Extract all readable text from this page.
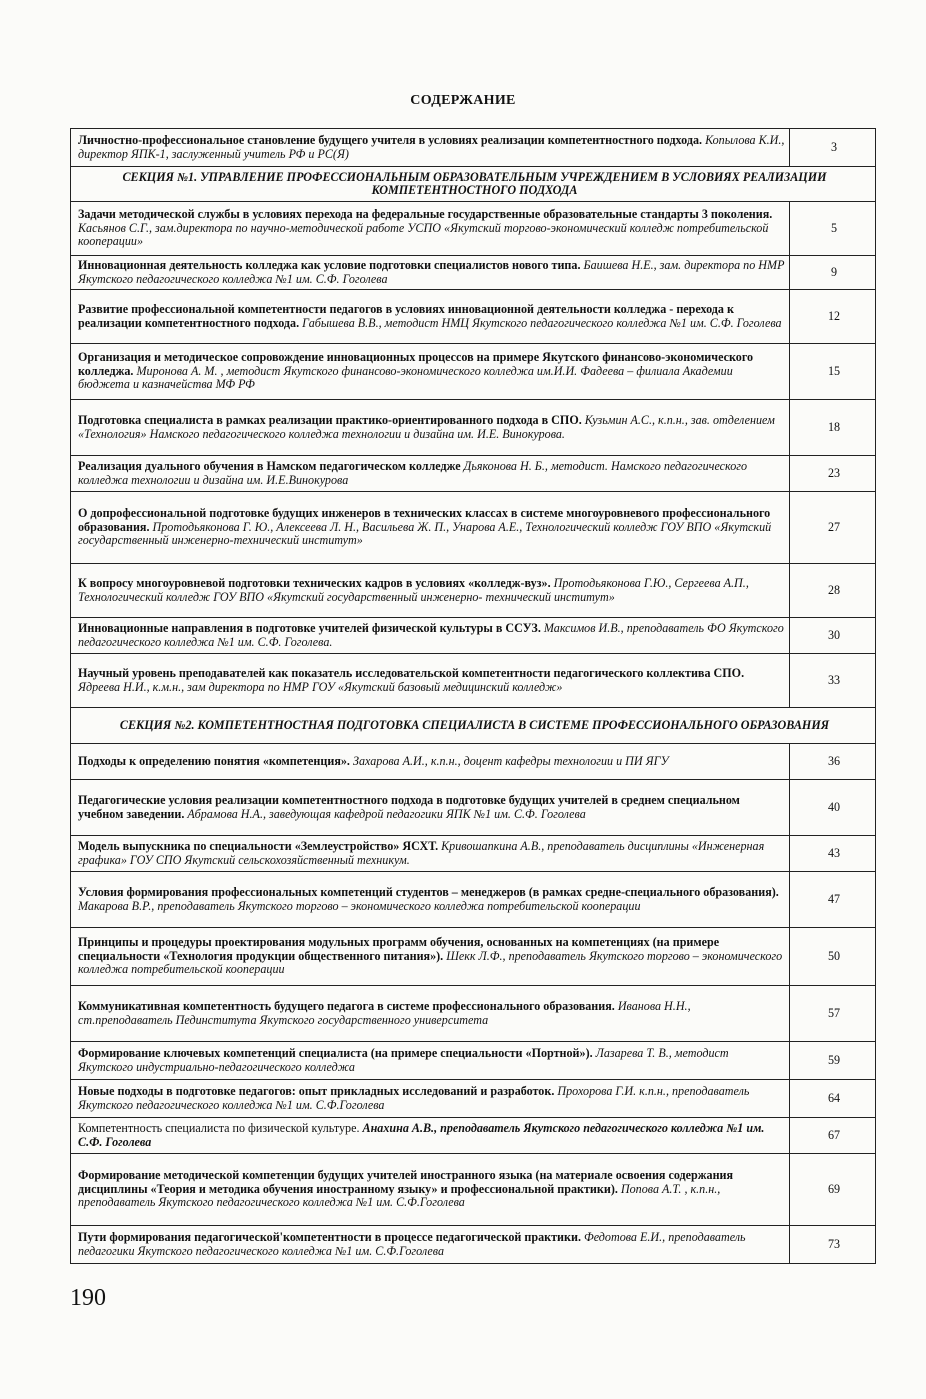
СОДЕРЖАНИЕ
Личностно-профессиональное становление будущего учителя в условиях реализации компетентностного подхода. Копылова К.И., директор ЯПК-1, заслуженный учитель РФ и РС(Я)	3
СЕКЦИЯ №1. УПРАВЛЕНИЕ ПРОФЕССИОНАЛЬНЫМ ОБРАЗОВАТЕЛЬНЫМ УЧРЕЖДЕНИЕМ В УСЛОВИЯХ РЕАЛИЗАЦИИ КОМПЕТЕНТНОСТНОГО ПОДХОДА	
Задачи методической службы в условиях перехода на федеральные государственные образовательные стандарты 3 поколения. Касьянов С.Г., зам.директора по научно-методической работе УСПО «Якутский торгово-экономический колледж потребительской кооперации»	5
Инновационная деятельность колледжа как условие подготовки специалистов нового типа. Баишева Н.Е., зам. директора по НМР Якутского педагогического колледжа №1 им. С.Ф. Гоголева	9
Развитие профессиональной компетентности педагогов в условиях инновационной деятельности колледжа - перехода к реализации компетентностного подхода. Габышева В.В., методист НМЦ Якутского педагогического колледжа №1 им. С.Ф. Гоголева	12
Организация и методическое сопровождение инновационных процессов на примере Якутского финансово-экономического колледжа. Миронова А. М. , методист Якутского финансово-экономического колледжа им.И.И. Фадеева – филиала Академии бюджета и казначейства МФ РФ	15
Подготовка специалиста в рамках реализации практико-ориентированного подхода в СПО. Кузьмин А.С., к.п.н., зав. отделением «Технология» Намского педагогического колледжа технологии и дизайна им. И.Е. Винокурова.	18
Реализация дуального обучения в Намском педагогическом колледже Дьяконова Н. Б., методист. Намского педагогического колледжа технологии и дизайна им. И.Е.Винокурова	23
О допрофессиональной подготовке будущих инженеров в технических классах в системе многоуровневого профессионального образования. Протодьяконова Г. Ю., Алексеева Л. Н., Васильева Ж. П., Унарова А.Е., Технологический колледж ГОУ ВПО «Якутский государственный инженерно-технический институт»	27
К вопросу многоуровневой подготовки технических кадров в условиях «колледж-вуз». Протодьяконова Г.Ю., Сергеева А.П., Технологический колледж ГОУ ВПО «Якутский государственный инженерно- технический институт»	28
Инновационные направления в подготовке учителей физической культуры в ССУЗ. Максимов И.В., преподаватель ФО Якутского педагогического колледжа №1 им. С.Ф. Гоголева.	30
Научный уровень преподавателей как показатель исследовательской компетентности педагогического коллектива СПО. Ядреева Н.И., к.м.н., зам директора по НМР ГОУ «Якутский базовый медицинский колледж»	33
СЕКЦИЯ №2. КОМПЕТЕНТНОСТНАЯ ПОДГОТОВКА СПЕЦИАЛИСТА В СИСТЕМЕ ПРОФЕССИОНАЛЬНОГО ОБРАЗОВАНИЯ	
Подходы к определению понятия «компетенция». Захарова А.И., к.п.н., доцент кафедры технологии и ПИ ЯГУ	36
Педагогические условия реализации компетентностного подхода в подготовке будущих учителей в среднем специальном учебном заведении. Абрамова Н.А., заведующая кафедрой педагогики ЯПК №1 им. С.Ф. Гоголева	40
Модель выпускника по специальности «Землеустройство» ЯСХТ. Кривошапкина А.В., преподаватель дисциплины «Инженерная графика» ГОУ СПО Якутский сельскохозяйственный техникум.	43
Условия формирования профессиональных компетенций студентов – менеджеров (в рамках средне-специального образования). Макарова В.Р., преподаватель Якутского торгово – экономического колледжа потребительской кооперации	47
Принципы и процедуры проектирования модульных программ обучения, основанных на компетенциях (на примере специальности «Технология продукции общественного питания»). Шекк Л.Ф., преподаватель Якутского торгово – экономического колледжа потребительской кооперации	50
Коммуникативная компетентность будущего педагога в системе профессионального образования. Иванова Н.Н., ст.преподаватель Пединститута Якутского государственного университета	57
Формирование ключевых компетенций специалиста (на примере специальности «Портной»). Лазарева Т. В., методист Якутского индустриально-педагогического колледжа	59
Новые подходы в подготовке педагогов: опыт прикладных исследований и разработок. Прохорова Г.И. к.п.н., преподаватель Якутского педагогического колледжа №1 им. С.Ф.Гоголева	64
Компетентность специалиста по физической культуре. Анахина А.В., преподаватель Якутского педагогического колледжа №1 им. С.Ф. Гоголева	67
Формирование методической компетенции будущих учителей иностранного языка (на материале освоения содержания дисциплины «Теория и методика обучения иностранному языку» и профессиональной практики). Попова А.Т. , к.п.н., преподаватель Якутского педагогического колледжа №1 им. С.Ф.Гоголева	69
Пути формирования педагогической'компетентности в процессе педагогической практики. Федотова Е.И., преподаватель педагогики Якутского педагогического колледжа №1 им. С.Ф.Гоголева	73
190
